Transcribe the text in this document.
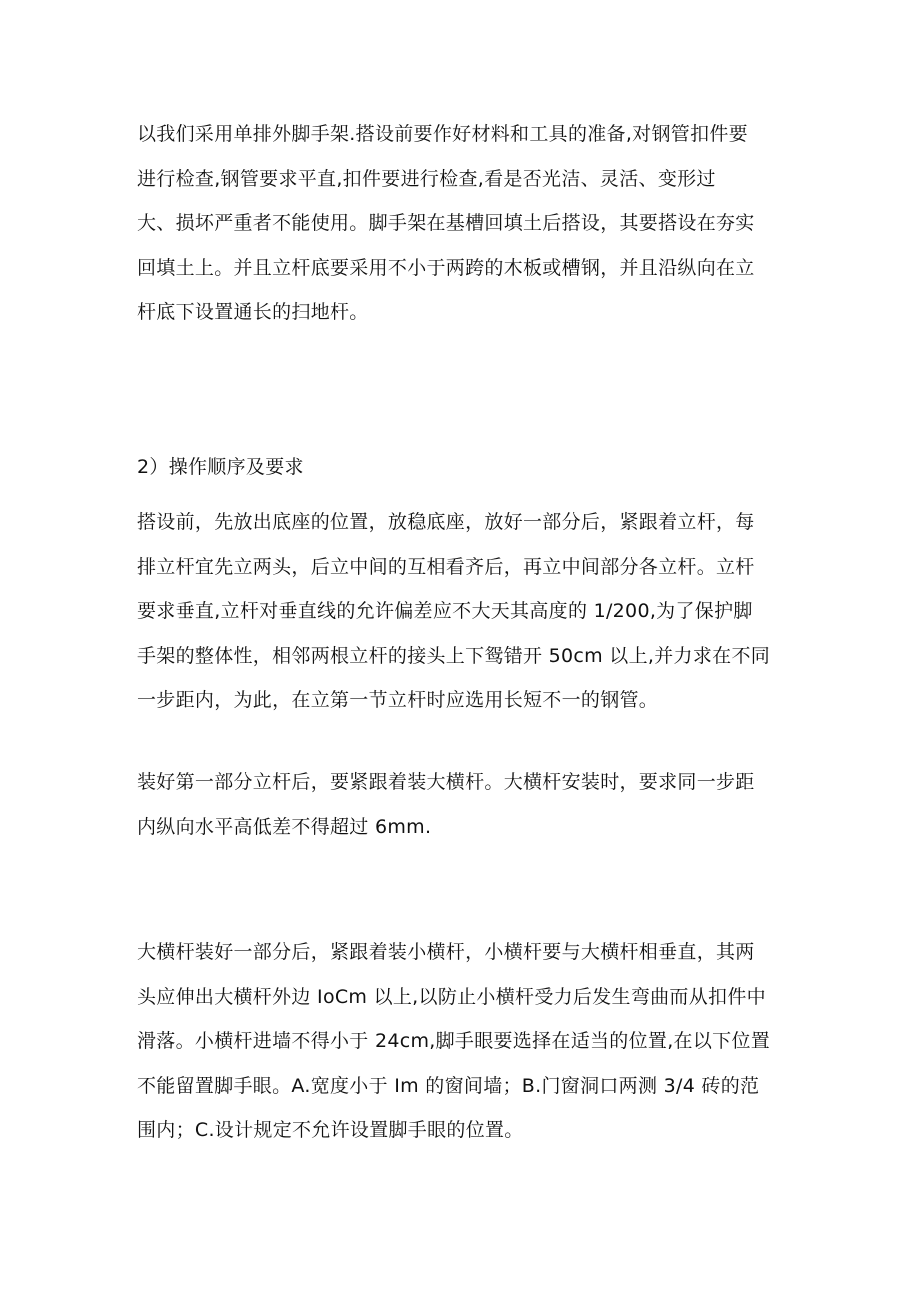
以我们采用单排外脚手架.搭设前要作好材料和工具的准备,对钢管扣件要
进行检查,钢管要求平直,扣件要进行检查,看是否光洁、灵活、变形过
大、损坏严重者不能使用。脚手架在基槽回填土后搭设，其要搭设在夯实
回填土上。并且立杆底要采用不小于两跨的木板或槽钢，并且沿纵向在立
杆底下设置通长的扫地杆。

2）操作顺序及要求

搭设前，先放出底座的位置，放稳底座，放好一部分后，紧跟着立杆，每
排立杆宜先立两头，后立中间的互相看齐后，再立中间部分各立杆。立杆
要求垂直,立杆对垂直线的允许偏差应不大天其高度的 1/200,为了保护脚
手架的整体性，相邻两根立杆的接头上下鸳错开 50cm 以上,并力求在不同
一步距内，为此，在立第一节立杆时应选用长短不一的钢管。

装好第一部分立杆后，要紧跟着装大横杆。大横杆安装时，要求同一步距
内纵向水平高低差不得超过 6mm.

大横杆装好一部分后，紧跟着装小横杆，小横杆要与大横杆相垂直，其两
头应伸出大横杆外边 IoCm 以上,以防止小横杆受力后发生弯曲而从扣件中
滑落。小横杆进墙不得小于 24cm,脚手眼要选择在适当的位置,在以下位置
不能留置脚手眼。A.宽度小于 Im 的窗间墙；B.门窗洞口两测 3/4 砖的范
围内；C.设计规定不允许设置脚手眼的位置。
